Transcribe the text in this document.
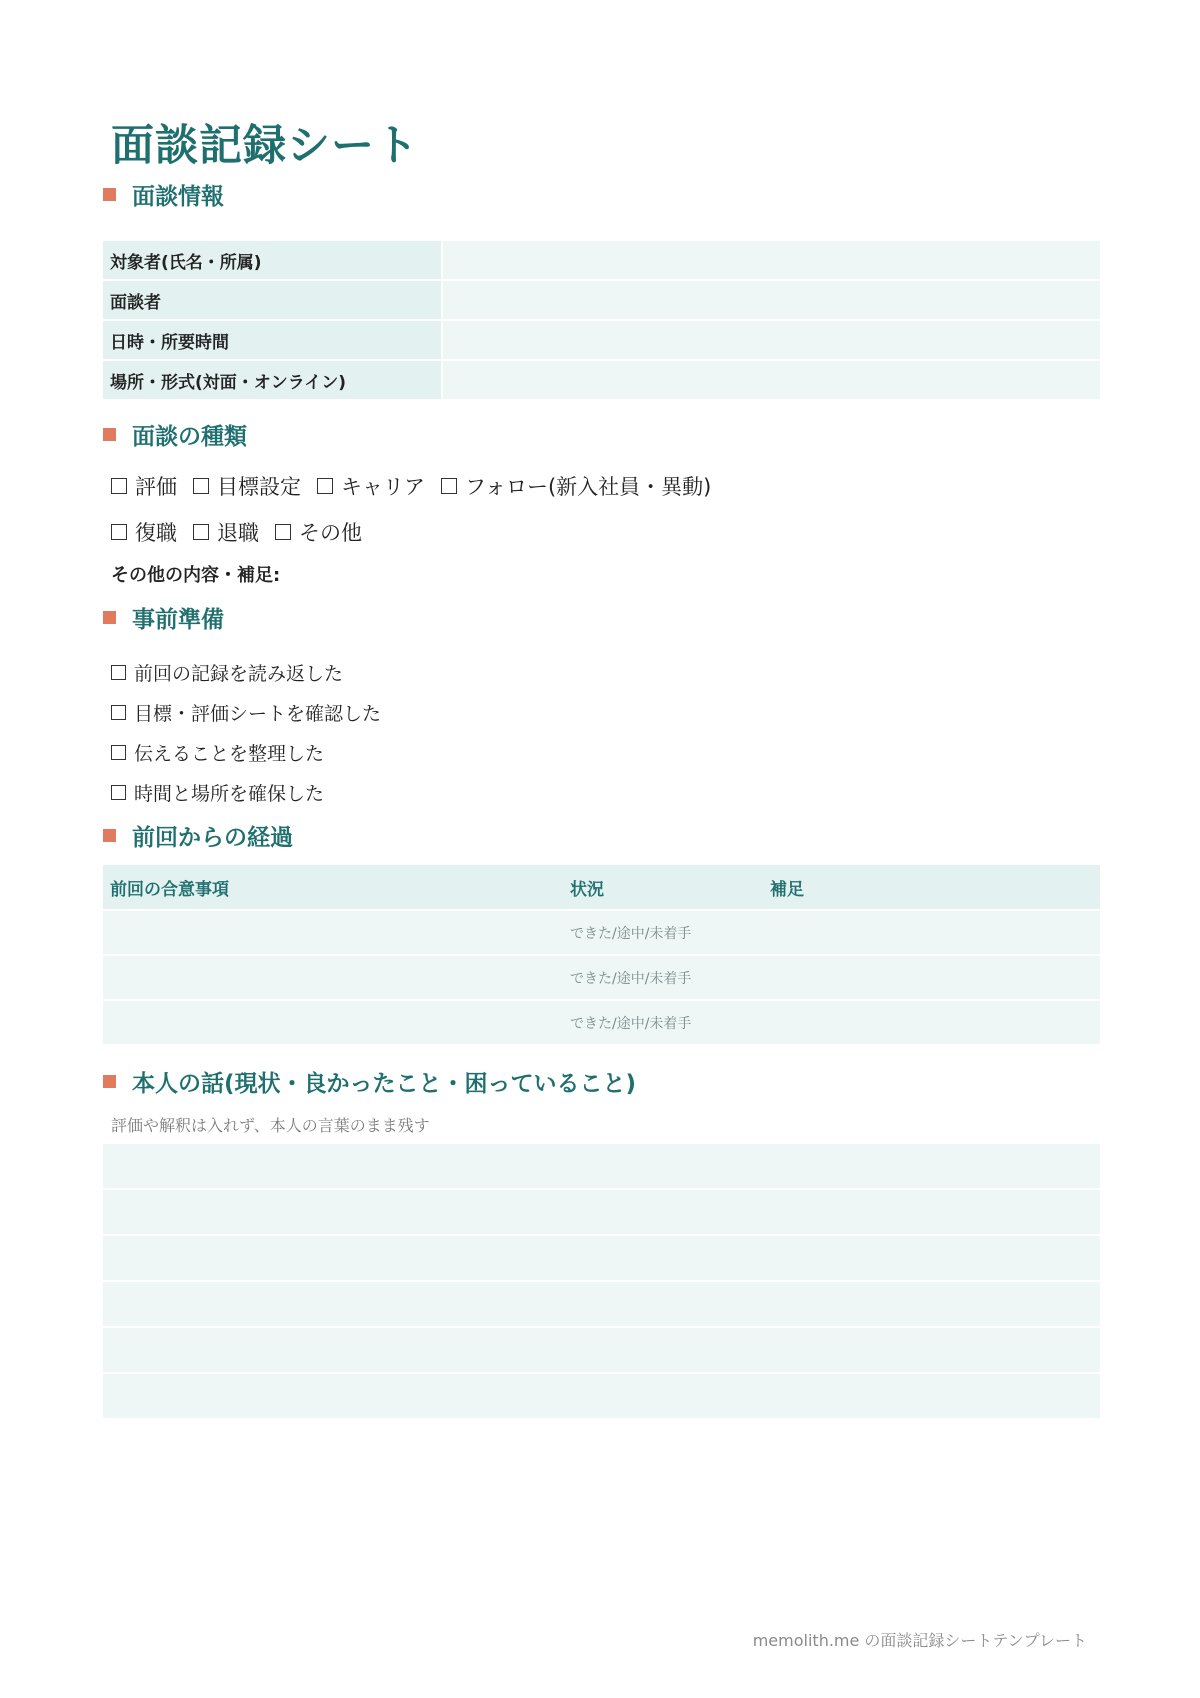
面談記録シート
面談情報
対象者(氏名・所属)
面談者
日時・所要時間
場所・形式(対面・オンライン)
面談の種類
評価 目標設定 キャリア フォロー(新入社員・異動)
復職 退職 その他
その他の内容・補足:
事前準備
前回の記録を読み返した
目標・評価シートを確認した
伝えることを整理した
時間と場所を確保した
前回からの経過
前回の合意事項	状況	補足
できた/途中/未着手
できた/途中/未着手
できた/途中/未着手
本人の話(現状・良かったこと・困っていること)
評価や解釈は入れず、本人の言葉のまま残す
memolith.me の面談記録シートテンプレート
